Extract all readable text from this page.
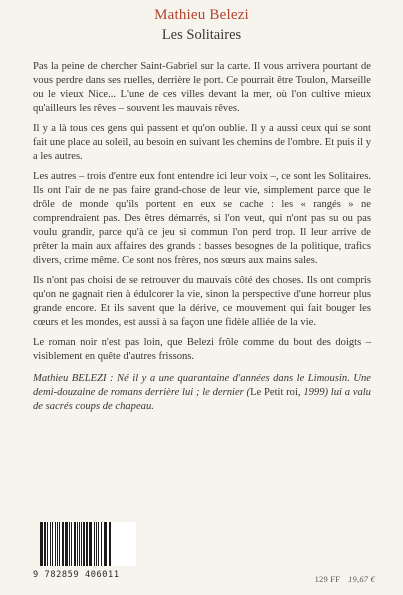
Mathieu Belezi
Les Solitaires

Pas la peine de chercher Saint-Gabriel sur la carte. Il vous arrivera pourtant de vous perdre dans ses ruelles, derrière le port. Ce pourrait être Toulon, Marseille ou le vieux Nice... L'une de ces villes devant la mer, où l'on cultive mieux qu'ailleurs les rêves – souvent les mauvais rêves.

Il y a là tous ces gens qui passent et qu'on oublie. Il y a aussi ceux qui se sont fait une place au soleil, au besoin en suivant les chemins de l'ombre. Et puis il y a les autres.

Les autres – trois d'entre eux font entendre ici leur voix –, ce sont les Solitaires. Ils ont l'air de ne pas faire grand-chose de leur vie, simplement parce que le drôle de monde qu'ils portent en eux se cache : les « rangés » ne comprendraient pas. Des êtres démarrés, si l'on veut, qui n'ont pas su ou pas voulu grandir, parce qu'à ce jeu si commun l'on perd trop. Il leur arrive de prêter la main aux affaires des grands : basses besognes de la politique, trafics divers, crime même. Ce sont nos frères, nos sœurs aux mains sales.

Ils n'ont pas choisi de se retrouver du mauvais côté des choses. Ils ont compris qu'on ne gagnait rien à édulcorer la vie, sinon la perspective d'une horreur plus grande encore. Et ils savent que la dérive, ce mouvement qui fait bouger les cœurs et les mondes, est aussi à sa façon une fidèle alliée de la vie.

Le roman noir n'est pas loin, que Belezi frôle comme du bout des doigts – visiblement en quête d'autres frissons.

Mathieu BELEZI : Né il y a une quarantaine d'années dans le Limousin. Une demi-douzaine de romans derrière lui ; le dernier (Le Petit roi, 1999) lui a valu de sacrés coups de chapeau.

9 782859 406011	129 FF 19,67 €
